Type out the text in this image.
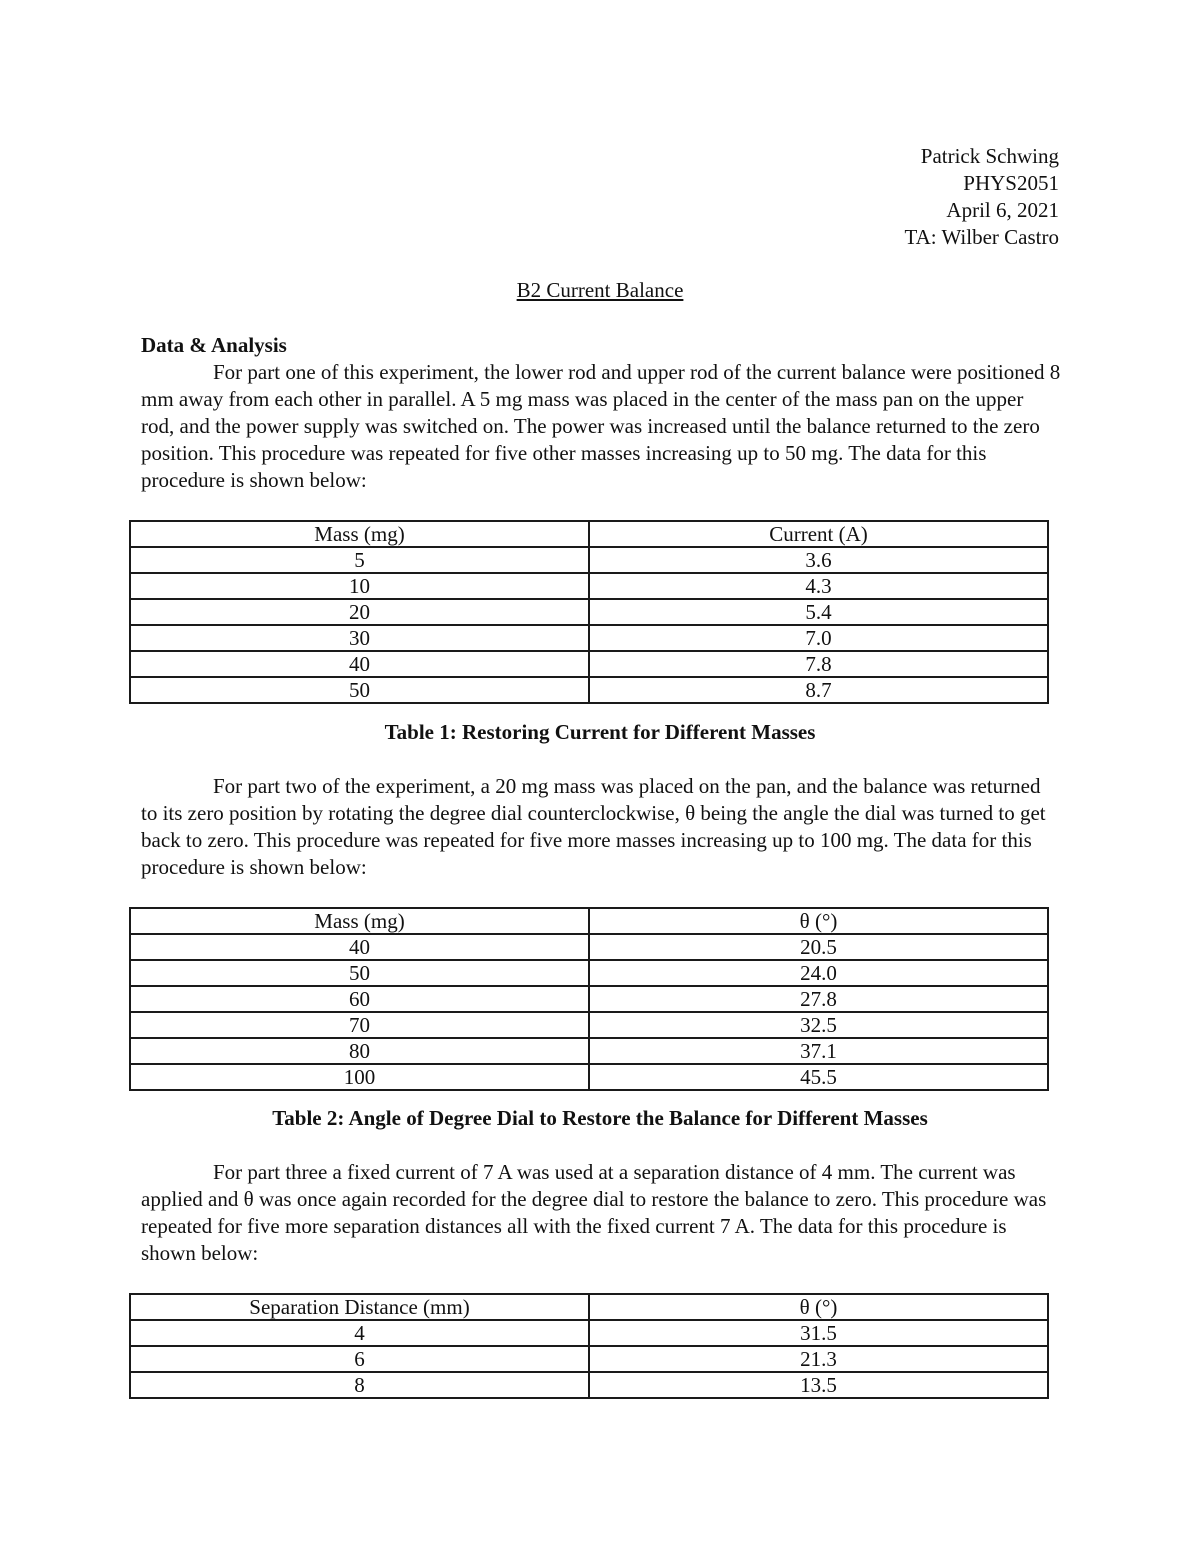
Patrick Schwing
PHYS2051
April 6, 2021
TA: Wilber Castro
B2 Current Balance
Data & Analysis
For part one of this experiment, the lower rod and upper rod of the current balance were positioned 8 mm away from each other in parallel. A 5 mg mass was placed in the center of the mass pan on the upper rod, and the power supply was switched on. The power was increased until the balance returned to the zero position. This procedure was repeated for five other masses increasing up to 50 mg. The data for this procedure is shown below:
Mass (mg)	Current (A)
5	3.6
10	4.3
20	5.4
30	7.0
40	7.8
50	8.7
Table 1: Restoring Current for Different Masses
For part two of the experiment, a 20 mg mass was placed on the pan, and the balance was returned to its zero position by rotating the degree dial counterclockwise, θ being the angle the dial was turned to get back to zero. This procedure was repeated for five more masses increasing up to 100 mg. The data for this procedure is shown below:
Mass (mg)	θ (°)
40	20.5
50	24.0
60	27.8
70	32.5
80	37.1
100	45.5
Table 2: Angle of Degree Dial to Restore the Balance for Different Masses
For part three a fixed current of 7 A was used at a separation distance of 4 mm. The current was applied and θ was once again recorded for the degree dial to restore the balance to zero. This procedure was repeated for five more separation distances all with the fixed current 7 A. The data for this procedure is shown below:
Separation Distance (mm)	θ (°)
4	31.5
6	21.3
8	13.5
